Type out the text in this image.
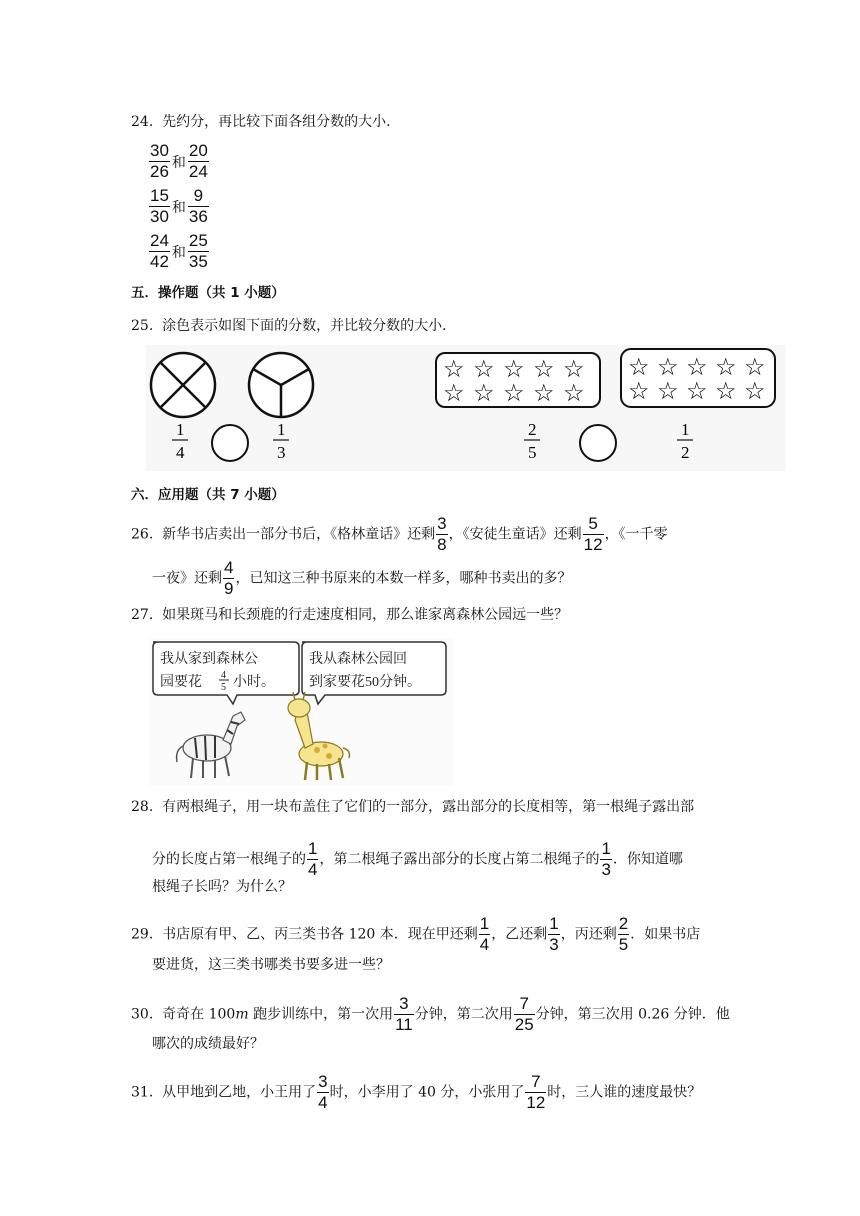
24. 先约分，再比较下面各组分数的大小．
$\frac{30}{26}$ 和 $\frac{20}{24}$
$\frac{15}{30}$ 和 $\frac{9}{36}$
$\frac{24}{42}$ 和 $\frac{25}{35}$
五．操作题（共 1 小题）
25. 涂色表示如图下面的分数，并比较分数的大小．
1
4
1
3
☆ ☆ ☆ ☆ ☆
☆ ☆ ☆ ☆ ☆
☆ ☆ ☆ ☆ ☆
☆ ☆ ☆ ☆ ☆
2
5
1
2
六．应用题（共 7 小题）
26. 新华书店卖出一部分书后，《格林童话》还剩 $\frac{3}{8}$ ，《安徒生童话》还剩 $\frac{5}{12}$ ，《一千零
一夜》还剩 $\frac{4}{9}$ ，已知这三种书原来的本数一样多，哪种书卖出的多？
27. 如果斑马和长颈鹿的行走速度相同，那么谁家离森林公园远一些？
我从家到森林公
园要花 4
5 小时。
我从森林公园回
到家要花50分钟。
28. 有两根绳子，用一块布盖住了它们的一部分，露出部分的长度相等，第一根绳子露出部
分的长度占第一根绳子的 $\frac{1}{4}$ ，第二根绳子露出部分的长度占第二根绳子的 $\frac{1}{3}$ ．你知道哪
根绳子长吗？为什么？
29. 书店原有甲、乙、丙三类书各 120 本．现在甲还剩 $\frac{1}{4}$ ，乙还剩 $\frac{1}{3}$ ，丙还剩 $\frac{2}{5}$ ．如果书店
要进货，这三类书哪类书要多进一些？
30. 奇奇在 100m 跑步训练中，第一次用 $\frac{3}{11}$ 分钟，第二次用 $\frac{7}{25}$ 分钟，第三次用 0.26 分钟．他
哪次的成绩最好？
31. 从甲地到乙地，小王用了 $\frac{3}{4}$ 时，小李用了 40 分，小张用了 $\frac{7}{12}$ 时，三人谁的速度最快？
